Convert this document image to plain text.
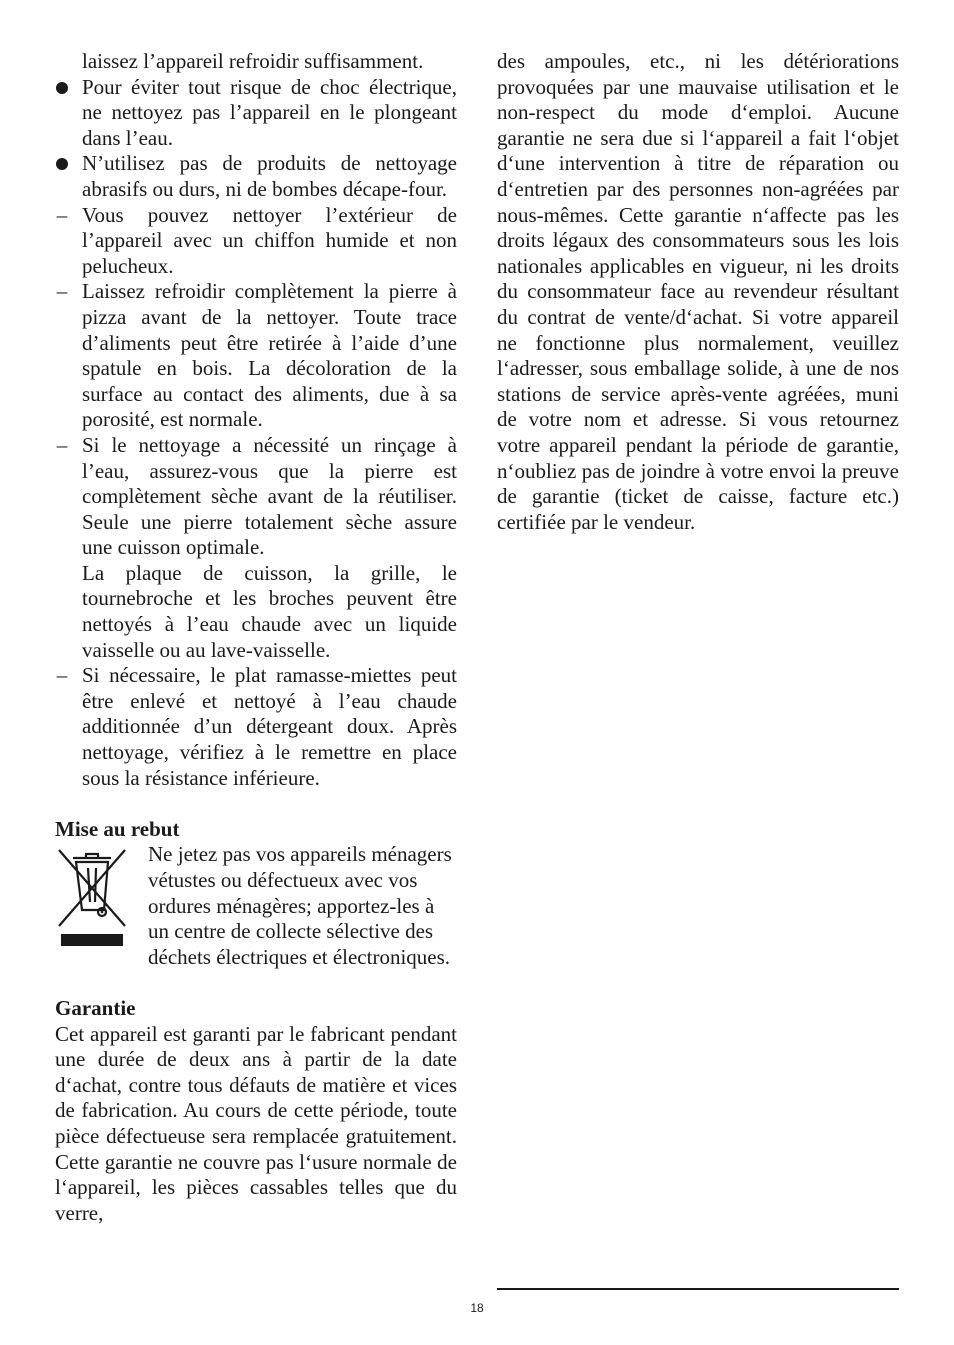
laissez l’appareil refroidir suffisamment.

Pour éviter tout risque de choc électrique, ne nettoyez pas l’appareil en le plongeant dans l’eau.
N’utilisez pas de produits de nettoyage abrasifs ou durs, ni de bombes décape-four.
– Vous pouvez nettoyer l’extérieur de l’appareil avec un chiffon humide et non pelucheux.
– Laissez refroidir complètement la pierre à pizza avant de la nettoyer. Toute trace d’aliments peut être retirée à l’aide d’une spatule en bois. La décoloration de la surface au contact des aliments, due à sa porosité, est normale.
– Si le nettoyage a nécessité un rinçage à l’eau, assurez-vous que la pierre est complètement sèche avant de la réutiliser. Seule une pierre totalement sèche assure une cuisson optimale.

La plaque de cuisson, la grille, le tournebroche et les broches peuvent être nettoyés à l’eau chaude avec un liquide vaisselle ou au lave-vaisselle.

– Si nécessaire, le plat ramasse-miettes peut être enlevé et nettoyé à l’eau chaude additionnée d’un détergeant doux. Après nettoyage, vérifiez à le remettre en place sous la résistance inférieure.
Mise au rebut
Ne jetez pas vos appareils ménagers vétustes ou défectueux avec vos ordures ménagères; apportez-les à un centre de collecte sélective des déchets électriques et électroniques.
Garantie

Cet appareil est garanti par le fabricant pendant une durée de deux ans à partir de la date d‘achat, contre tous défauts de matière et vices de fabrication. Au cours de cette période, toute pièce défectueuse sera remplacée gratuitement. Cette garantie ne couvre pas l‘usure normale de l‘appareil, les pièces cassables telles que du verre,

des ampoules, etc., ni les détériorations provoquées par une mauvaise utilisation et le non-respect du mode d‘emploi. Aucune garantie ne sera due si l‘appareil a fait l‘objet d‘une intervention à titre de réparation ou d‘entretien par des personnes non-agréées par nous-mêmes. Cette garantie n‘affecte pas les droits légaux des consommateurs sous les lois nationales applicables en vigueur, ni les droits du consommateur face au revendeur résultant du contrat de vente/d‘achat. Si votre appareil ne fonctionne plus normalement, veuillez l‘adresser, sous emballage solide, à une de nos stations de service après-vente agréées, muni de votre nom et adresse. Si vous retournez votre appareil pendant la période de garantie, n‘oubliez pas de joindre à votre envoi la preuve de garantie (ticket de caisse, facture etc.) certifiée par le vendeur.

18
